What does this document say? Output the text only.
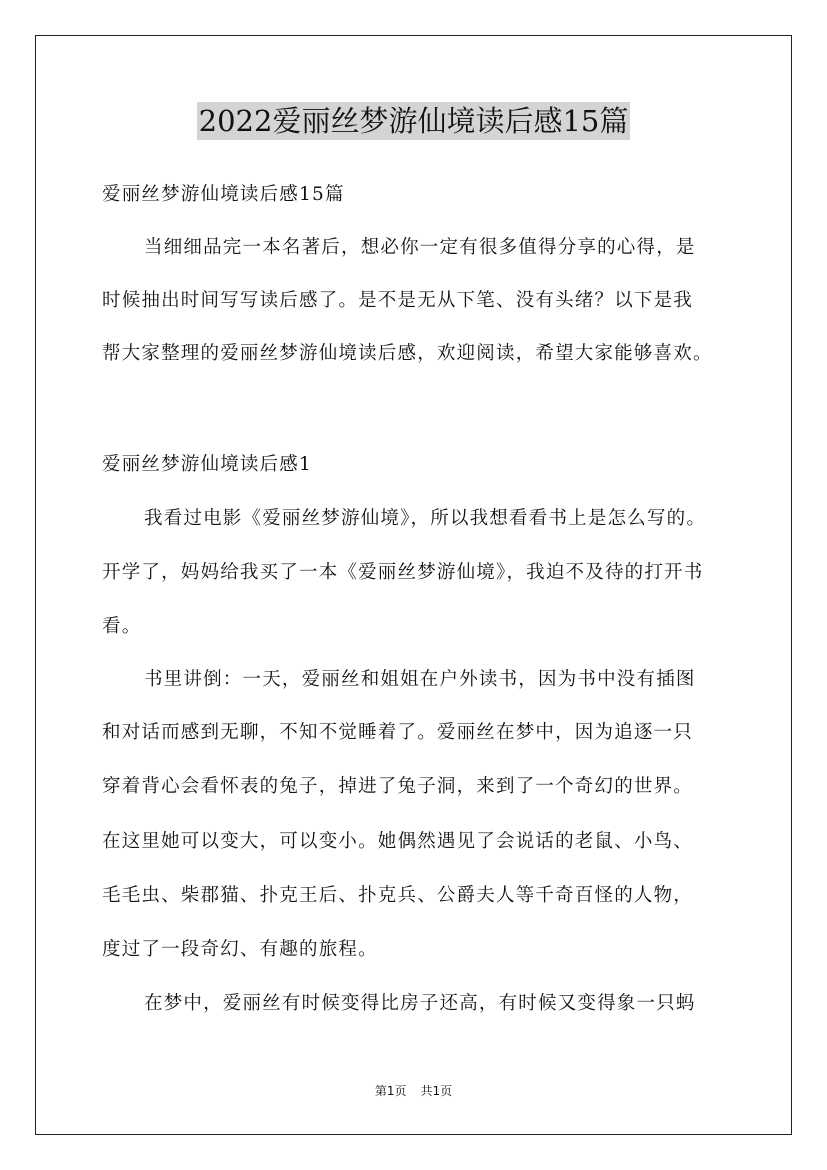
2022爱丽丝梦游仙境读后感15篇
爱丽丝梦游仙境读后感15篇
当细细品完一本名著后，想必你一定有很多值得分享的心得，是
时候抽出时间写写读后感了。是不是无从下笔、没有头绪？以下是我
帮大家整理的爱丽丝梦游仙境读后感，欢迎阅读，希望大家能够喜欢。
爱丽丝梦游仙境读后感1
我看过电影《爱丽丝梦游仙境》，所以我想看看书上是怎么写的。
开学了，妈妈给我买了一本《爱丽丝梦游仙境》，我迫不及待的打开书
看。
书里讲倒：一天，爱丽丝和姐姐在户外读书，因为书中没有插图
和对话而感到无聊，不知不觉睡着了。爱丽丝在梦中，因为追逐一只
穿着背心会看怀表的兔子，掉进了兔子洞，来到了一个奇幻的世界。
在这里她可以变大，可以变小。她偶然遇见了会说话的老鼠、小鸟、
毛毛虫、柴郡猫、扑克王后、扑克兵、公爵夫人等千奇百怪的人物，
度过了一段奇幻、有趣的旅程。
在梦中，爱丽丝有时候变得比房子还高，有时候又变得象一只蚂
第1页 共1页
